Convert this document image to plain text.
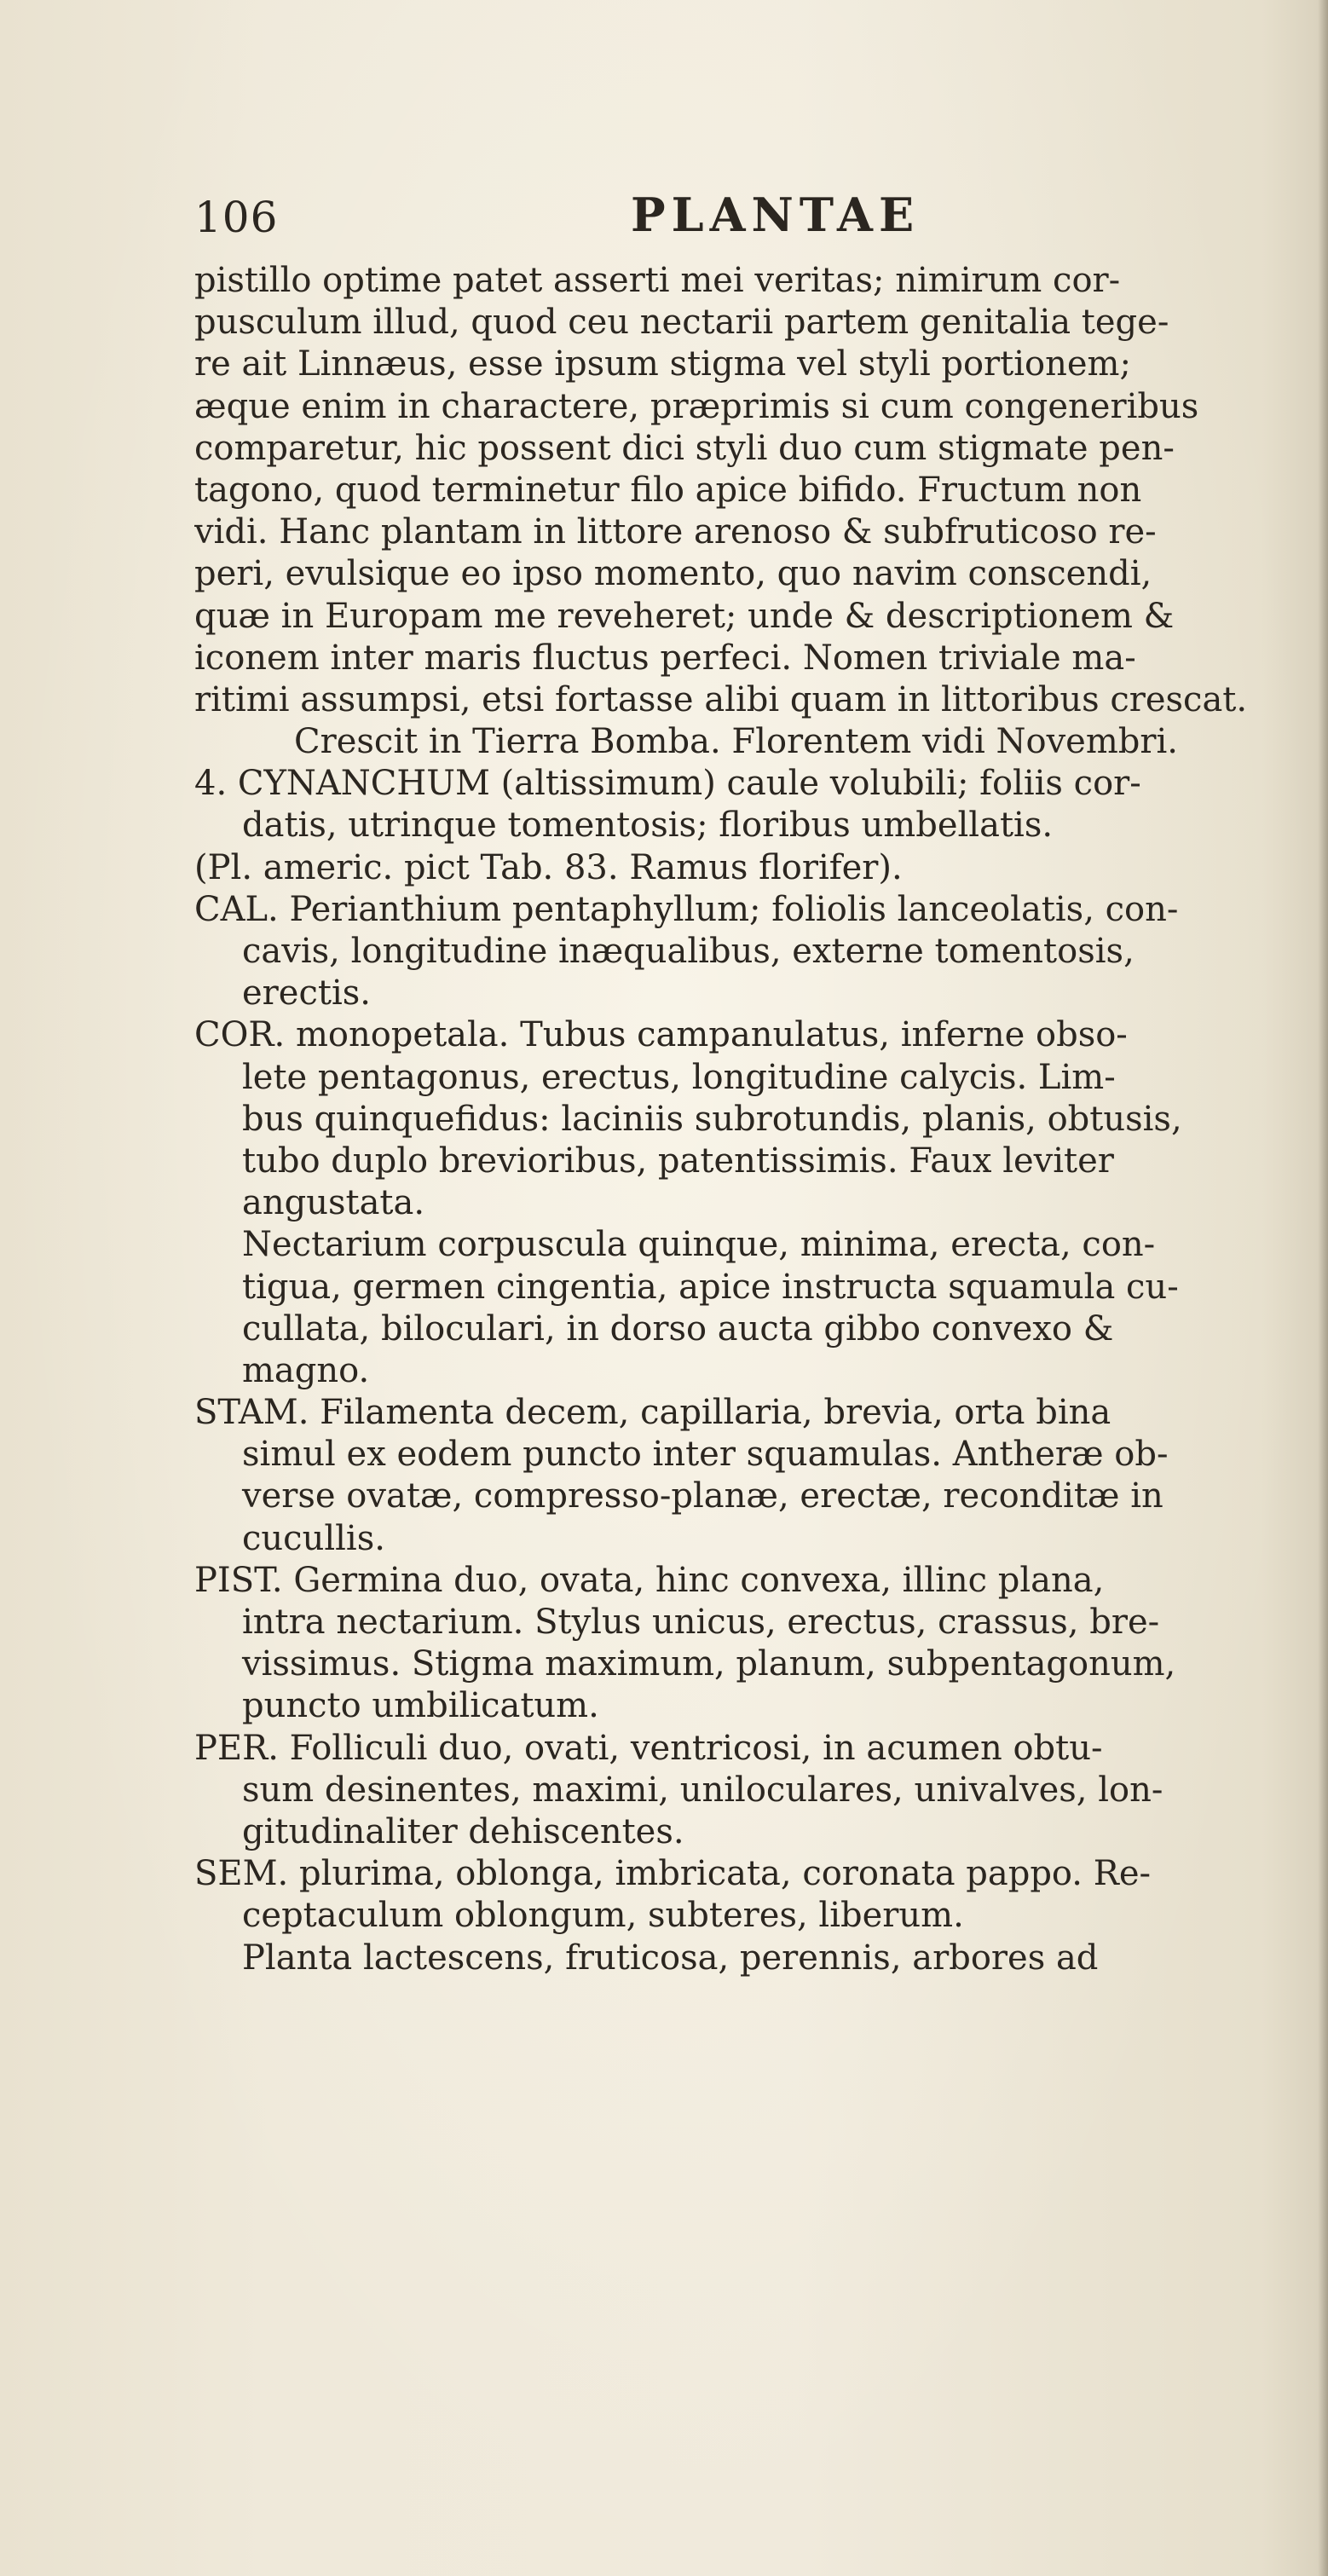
106	PLANTAE
pistillo optime patet asserti mei veritas; nimirum cor-
pusculum illud, quod ceu nectarii partem genitalia tege-
re ait Linnæus, esse ipsum stigma vel styli portionem;
æque enim in charactere, præprimis si cum congeneribus
comparetur, hic possent dici styli duo cum stigmate pen-
tagono, quod terminetur filo apice bifido. Fructum non
vidi. Hanc plantam in littore arenoso & subfruticoso re-
peri, evulsique eo ipso momento, quo navim conscendi,
quæ in Europam me reveheret; unde & descriptionem &
iconem inter maris fluctus perfeci. Nomen triviale ma-
ritimi assumpsi, etsi fortasse alibi quam in littoribus crescat.
Crescit in Tierra Bomba. Florentem vidi Novembri.
4. CYNANCHUM (altissimum) caule volubili; foliis cor-
datis, utrinque tomentosis; floribus umbellatis.
(Pl. americ. pict Tab. 83. Ramus florifer).
CAL. Perianthium pentaphyllum; foliolis lanceolatis, con-
cavis, longitudine inæqualibus, externe tomentosis,
erectis.
COR. monopetala. Tubus campanulatus, inferne obso-
lete pentagonus, erectus, longitudine calycis. Lim-
bus quinquefidus: laciniis subrotundis, planis, obtusis,
tubo duplo brevioribus, patentissimis. Faux leviter
angustata.
Nectarium corpuscula quinque, minima, erecta, con-
tigua, germen cingentia, apice instructa squamula cu-
cullata, biloculari, in dorso aucta gibbo convexo &
magno.
STAM. Filamenta decem, capillaria, brevia, orta bina
simul ex eodem puncto inter squamulas. Antheræ ob-
verse ovatæ, compresso-planæ, erectæ, reconditæ in
cucullis.
PIST. Germina duo, ovata, hinc convexa, illinc plana,
intra nectarium. Stylus unicus, erectus, crassus, bre-
vissimus. Stigma maximum, planum, subpentagonum,
puncto umbilicatum.
PER. Folliculi duo, ovati, ventricosi, in acumen obtu-
sum desinentes, maximi, uniloculares, univalves, lon-
gitudinaliter dehiscentes.
SEM. plurima, oblonga, imbricata, coronata pappo. Re-
ceptaculum oblongum, subteres, liberum.
Planta lactescens, fruticosa, perennis, arbores ad
